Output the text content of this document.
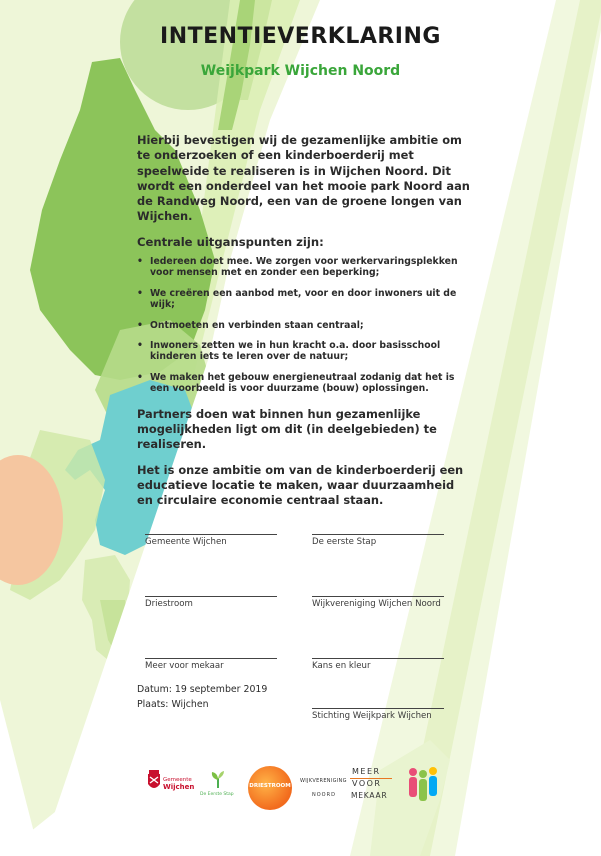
INTENTIEVERKLARING
Weijkpark Wijchen Noord

Hierbij bevestigen wij de gezamenlijke ambitie om te onderzoeken of een kinderboerderij met speelweide te realiseren is in Wijchen Noord. Dit wordt een onderdeel van het mooie park Noord aan de Randweg Noord, een van de groene longen van Wijchen.

Centrale uitganspunten zijn:
• Iedereen doet mee. We zorgen voor werkervaringsplekken voor mensen met en zonder een beperking;
• We creëren een aanbod met, voor en door inwoners uit de wijk;
• Ontmoeten en verbinden staan centraal;
• Inwoners zetten we in hun kracht o.a. door basisschool kinderen iets te leren over de natuur;
• We maken het gebouw energieneutraal zodanig dat het is een voorbeeld is voor duurzame (bouw) oplossingen.

Partners doen wat binnen hun gezamenlijke mogelijkheden ligt om dit (in deelgebieden) te realiseren.

Het is onze ambitie om van de kinderboerderij een educatieve locatie te maken, waar duurzaamheid en circulaire economie centraal staan.

Gemeente Wijchen	De eerste Stap
Driestroom	Wijkvereniging Wijchen Noord
Meer voor mekaar	Kans en kleur
Datum: 19 september 2019
Plaats: Wijchen
Stichting Weijkpark Wijchen
Gemeente
Wijchen
De Eerste Stap
DRIESTROOM
WIJKVERENIGING
NOORD
MEER
VOOR
MEKAAR
